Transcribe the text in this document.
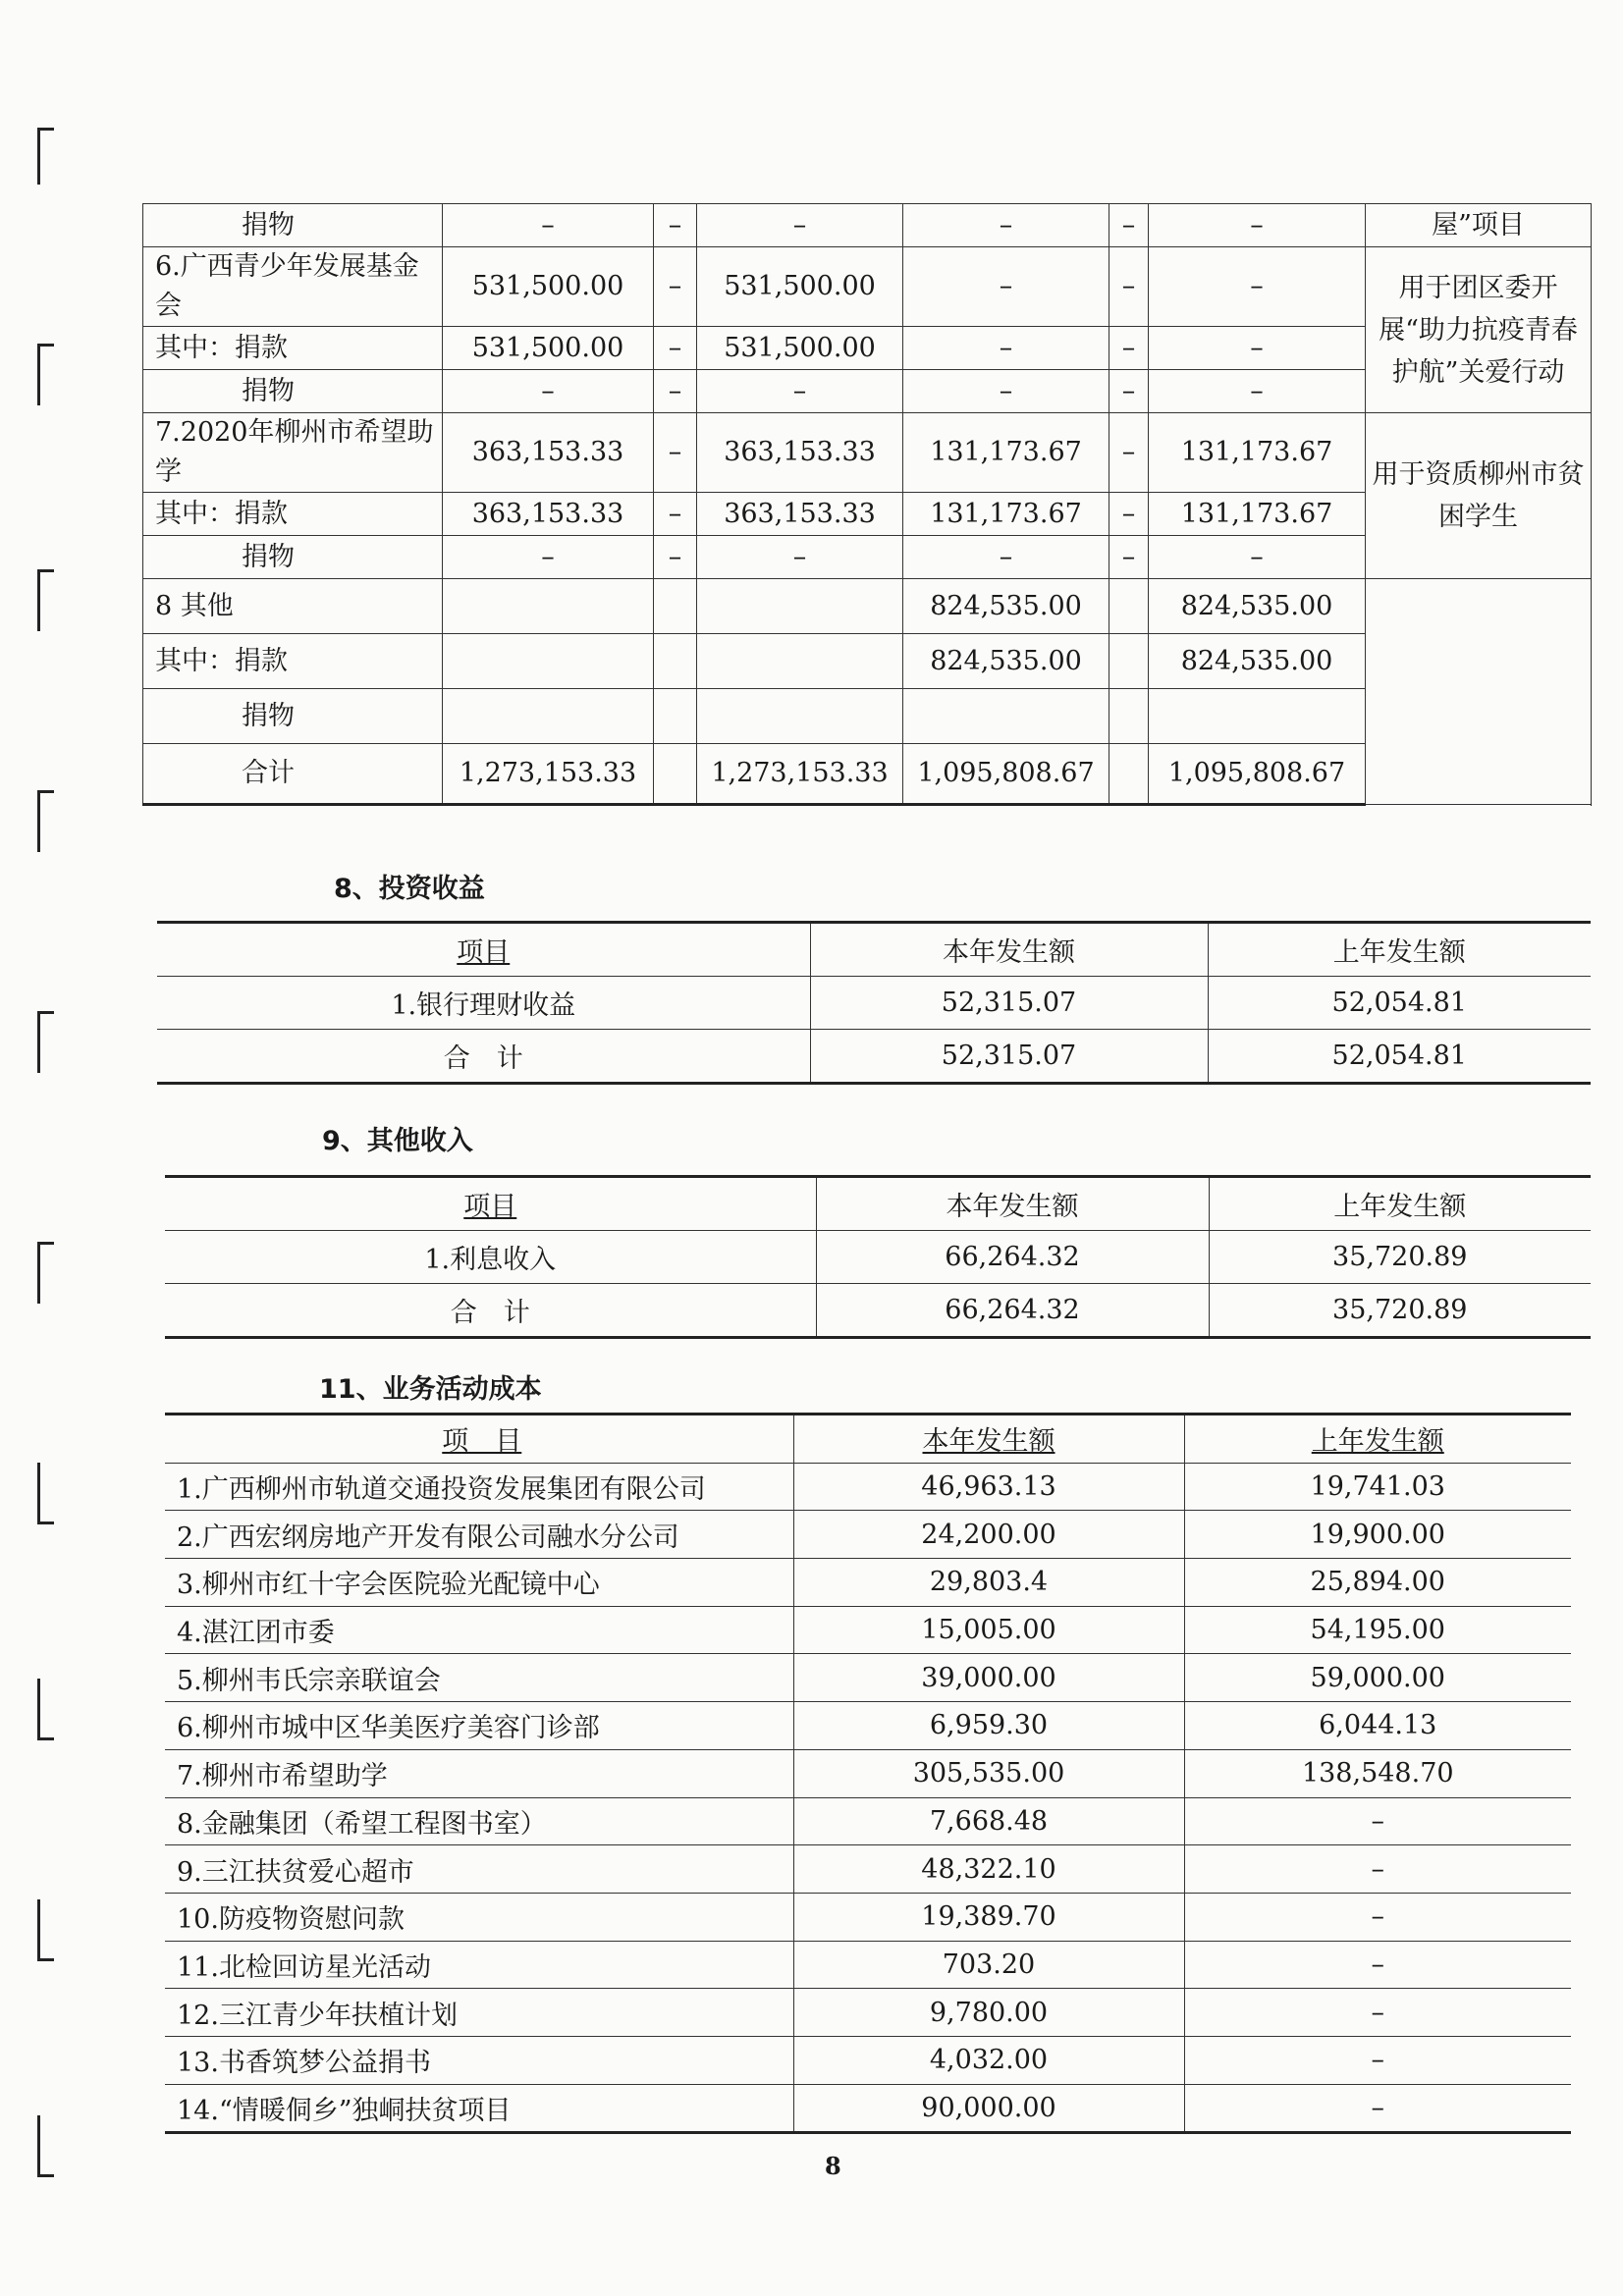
捐物	–	–	–	–	–	–	屋”项目	
6.广西青少年发展基金会	531,500.00	–	531,500.00	–	–	–	用于团区委开展“助力抗疫青春护航”关爱行动	
其中：捐款	531,500.00	–	531,500.00	–	–	–		
捐物	–	–	–	–	–	–		
7.2020年柳州市希望助学	363,153.33	–	363,153.33	131,173.67	–	131,173.67	用于资质柳州市贫困学生	
其中：捐款	363,153.33	–	363,153.33	131,173.67	–	131,173.67		
捐物	–	–	–	–	–	–		
8 其他				824,535.00		824,535.00		
其中：捐款				824,535.00		824,535.00		
捐物								
合计	1,273,153.33		1,273,153.33	1,095,808.67		1,095,808.67		
8、投资收益
项目	本年发生额	上年发生额
1.银行理财收益	52,315.07	52,054.81
合　计	52,315.07	52,054.81
9、其他收入
项目	本年发生额	上年发生额
1.利息收入	66,264.32	35,720.89
合　计	66,264.32	35,720.89
11、业务活动成本
项　目	本年发生额	上年发生额
1.广西柳州市轨道交通投资发展集团有限公司	46,963.13	19,741.03
2.广西宏纲房地产开发有限公司融水分公司	24,200.00	19,900.00
3.柳州市红十字会医院验光配镜中心	29,803.4	25,894.00
4.湛江团市委	15,005.00	54,195.00
5.柳州韦氏宗亲联谊会	39,000.00	59,000.00
6.柳州市城中区华美医疗美容门诊部	6,959.30	6,044.13
7.柳州市希望助学	305,535.00	138,548.70
8.金融集团（希望工程图书室）	7,668.48	–
9.三江扶贫爱心超市	48,322.10	–
10.防疫物资慰问款	19,389.70	–
11.北检回访星光活动	703.20	–
12.三江青少年扶植计划	9,780.00	–
13.书香筑梦公益捐书	4,032.00	–
14.“情暖侗乡”独峒扶贫项目	90,000.00	–
8
